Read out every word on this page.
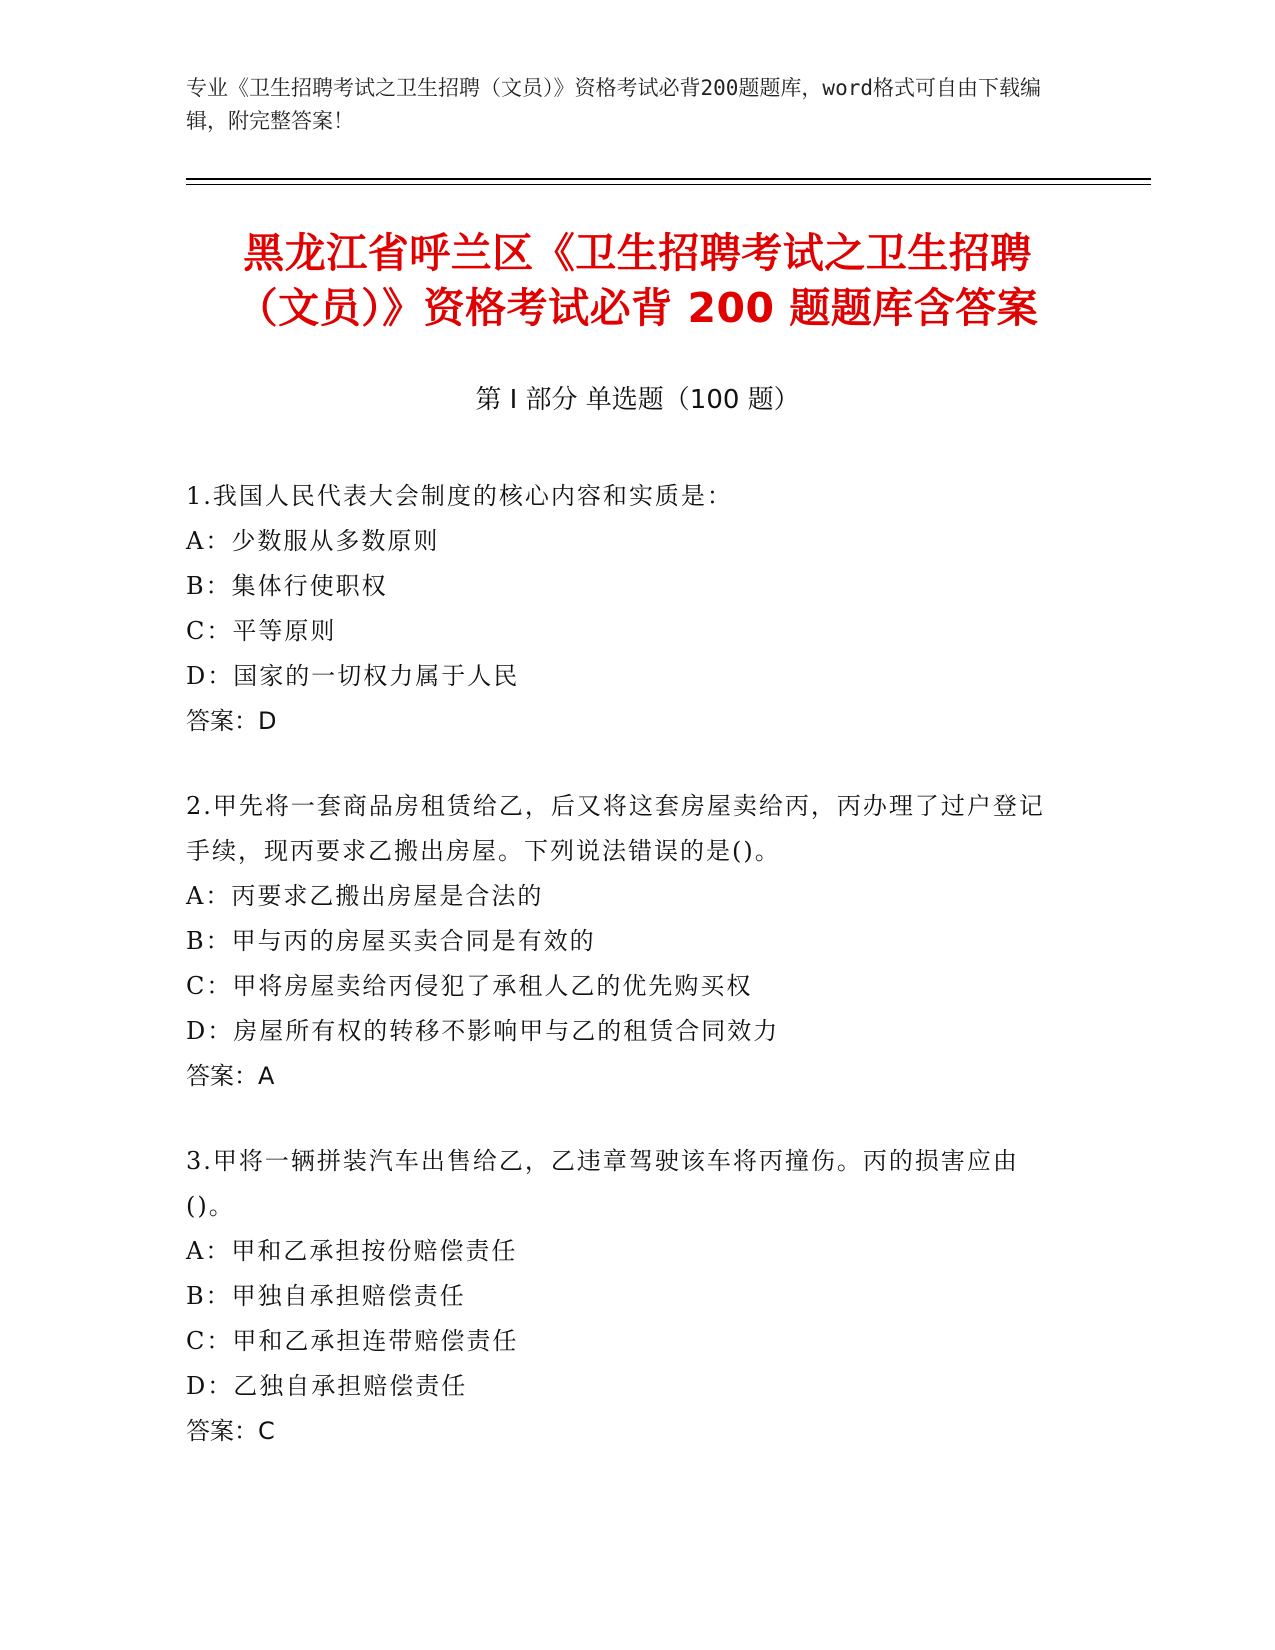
专业《卫生招聘考试之卫生招聘（文员）》资格考试必背200题题库，word格式可自由下载编辑，附完整答案！
黑龙江省呼兰区《卫生招聘考试之卫生招聘
（文员）》资格考试必背 200 题题库含答案
第 I 部分 单选题（100 题）
1.我国人民代表大会制度的核心内容和实质是：
A：少数服从多数原则
B：集体行使职权
C：平等原则
D：国家的一切权力属于人民
答案：D
2.甲先将一套商品房租赁给乙，后又将这套房屋卖给丙，丙办理了过户登记手续，现丙要求乙搬出房屋。下列说法错误的是()。
A：丙要求乙搬出房屋是合法的
B：甲与丙的房屋买卖合同是有效的
C：甲将房屋卖给丙侵犯了承租人乙的优先购买权
D：房屋所有权的转移不影响甲与乙的租赁合同效力
答案：A
3.甲将一辆拼装汽车出售给乙，乙违章驾驶该车将丙撞伤。丙的损害应由()。
A：甲和乙承担按份赔偿责任
B：甲独自承担赔偿责任
C：甲和乙承担连带赔偿责任
D：乙独自承担赔偿责任
答案：C
